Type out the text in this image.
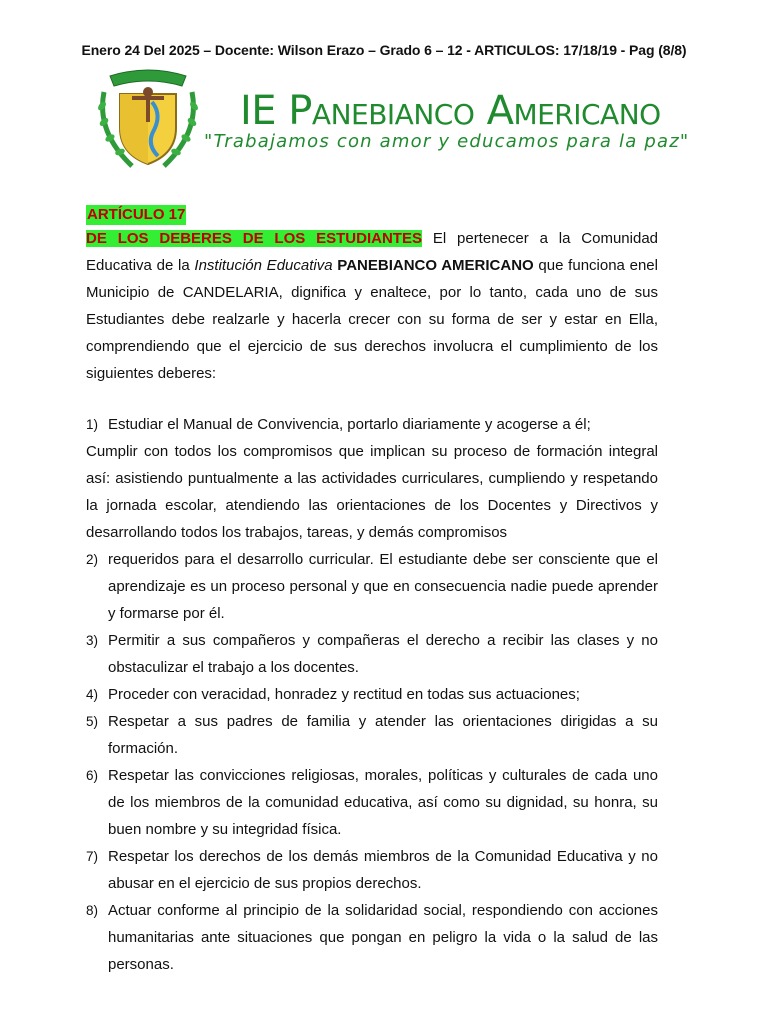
Enero 24 Del 2025 – Docente: Wilson Erazo – Grado 6 – 12 - ARTICULOS: 17/18/19 - Pag (8/8)
IE Panebianco Americano
"Trabajamos con amor y educamos para la paz"
ARTÍCULO 17

DE LOS DEBERES DE LOS ESTUDIANTES El pertenecer a la Comunidad Educativa de la Institución Educativa PANEBIANCO AMERICANO que funciona enel Municipio de CANDELARIA, dignifica y enaltece, por lo tanto, cada uno de sus Estudiantes debe realzarle y hacerla crecer con su forma de ser y estar en Ella, comprendiendo que el ejercicio de sus derechos involucra el cumplimiento de los siguientes deberes:

1) Estudiar el Manual de Convivencia, portarlo diariamente y acogerse a él;

Cumplir con todos los compromisos que implican su proceso de formación integral así: asistiendo puntualmente a las actividades curriculares, cumpliendo y respetando la jornada escolar, atendiendo las orientaciones de los Docentes y Directivos y desarrollando todos los trabajos, tareas, y demás compromisos

2) requeridos para el desarrollo curricular. El estudiante debe ser consciente que el aprendizaje es un proceso personal y que en consecuencia nadie puede aprender y formarse por él.
3) Permitir a sus compañeros y compañeras el derecho a recibir las clases y no obstaculizar el trabajo a los docentes.
4) Proceder con veracidad, honradez y rectitud en todas sus actuaciones;
5) Respetar a sus padres de familia y atender las orientaciones dirigidas a su formación.
6) Respetar las convicciones religiosas, morales, políticas y culturales de cada uno de los miembros de la comunidad educativa, así como su dignidad, su honra, su buen nombre y su integridad física.
7) Respetar los derechos de los demás miembros de la Comunidad Educativa y no abusar en el ejercicio de sus propios derechos.
8) Actuar conforme al principio de la solidaridad social, respondiendo con acciones humanitarias ante situaciones que pongan en peligro la vida o la salud de las personas.
